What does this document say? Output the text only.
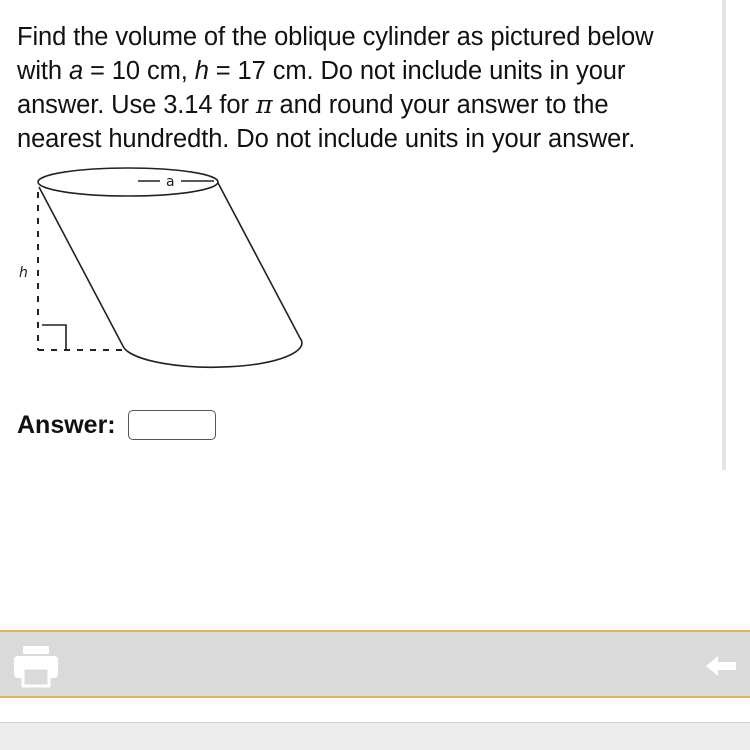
Find the volume of the oblique cylinder as pictured below
with a = 10 cm, h = 17 cm. Do not include units in your
answer. Use 3.14 for π and round your answer to the
nearest hundredth. Do not include units in your answer.
a
h
Answer:
